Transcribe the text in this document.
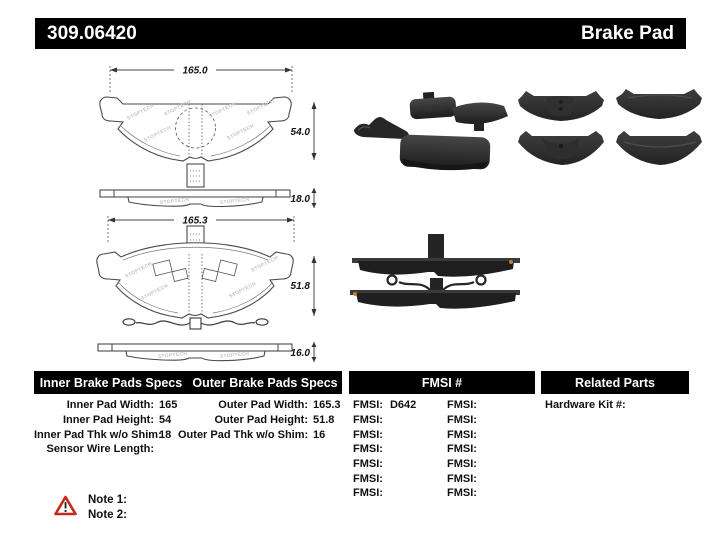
309.06420	Brake Pad
165.0
STOPTECH
STOPTECH
STOPTECH	STOPTECH
STOPTECH
STOPTECH
54.0
STOPTECH	STOPTECH	18.0
165.3
STOPTECH
STOPTECH	STOPTECH
STOPTECH
51.8
STOPTECH	STOPTECH	16.0
Inner Brake Pads Specs Outer Brake Pads Specs	FMSI #	Related Parts
Inner Pad Width: 165
Inner Pad Height: 54
Inner Pad Thk w/o Shim:
18
Sensor Wire Length:
Outer Pad Width: 165.3
Outer Pad Height: 51.8
Outer Pad Thk w/o Shim: 16
FMSI: D642
FMSI:
FMSI:
FMSI:
FMSI:
FMSI:
FMSI:
FMSI:
FMSI:
FMSI:
FMSI:
FMSI:
FMSI:
FMSI:
Hardware Kit #:
Note 1:
Note 2:
